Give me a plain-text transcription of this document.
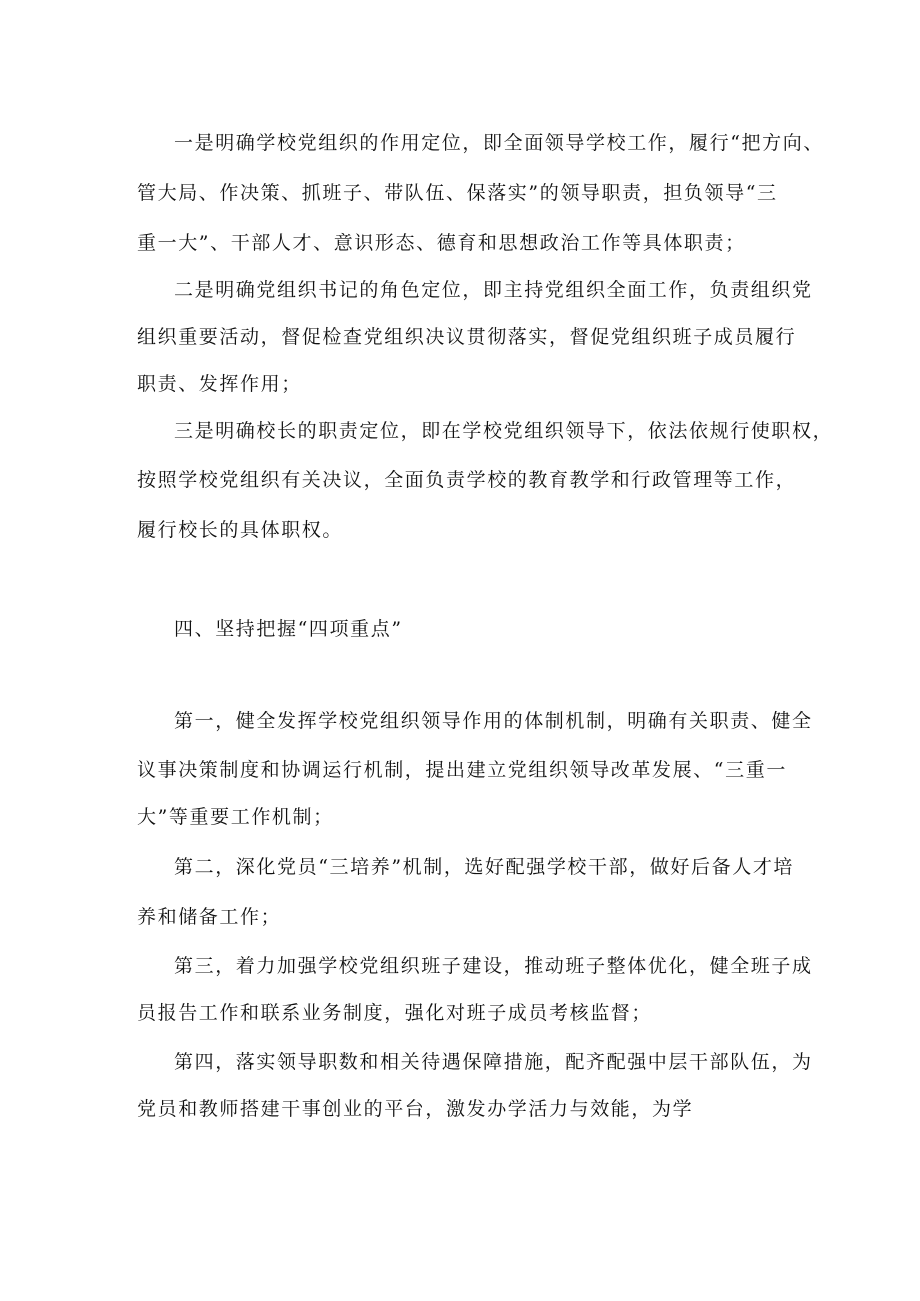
一是明确学校党组织的作用定位，即全面领导学校工作，履行“把方向、
管大局、作决策、抓班子、带队伍、保落实”的领导职责，担负领导“三
重一大”、干部人才、意识形态、德育和思想政治工作等具体职责；
二是明确党组织书记的角色定位，即主持党组织全面工作，负责组织党
组织重要活动，督促检查党组织决议贯彻落实，督促党组织班子成员履行
职责、发挥作用；
三是明确校长的职责定位，即在学校党组织领导下，依法依规行使职权，
按照学校党组织有关决议，全面负责学校的教育教学和行政管理等工作，
履行校长的具体职权。
四、坚持把握“四项重点”
第一，健全发挥学校党组织领导作用的体制机制，明确有关职责、健全
议事决策制度和协调运行机制，提出建立党组织领导改革发展、“三重一
大”等重要工作机制；
第二，深化党员“三培养”机制，选好配强学校干部，做好后备人才培
养和储备工作；
第三，着力加强学校党组织班子建设，推动班子整体优化，健全班子成
员报告工作和联系业务制度，强化对班子成员考核监督；
第四，落实领导职数和相关待遇保障措施，配齐配强中层干部队伍，为
党员和教师搭建干事创业的平台，激发办学活力与效能，为学
